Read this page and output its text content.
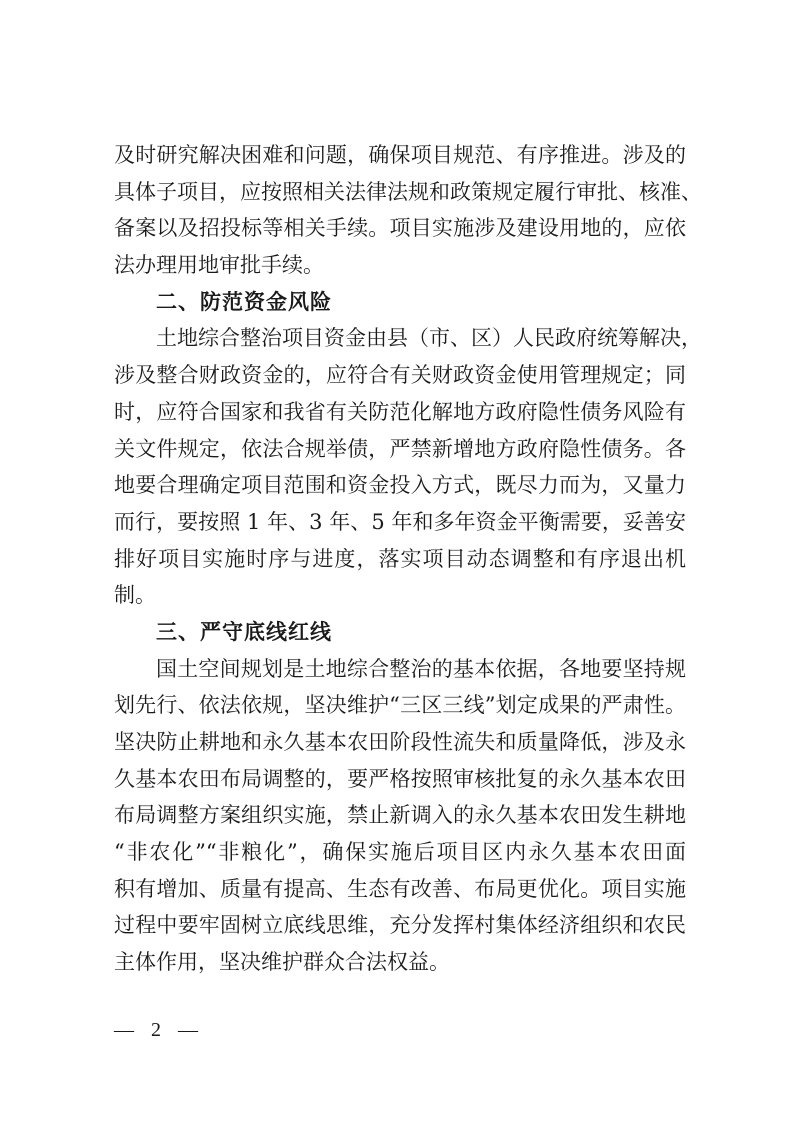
及时研究解决困难和问题，确保项目规范、有序推进。涉及的
具体子项目，应按照相关法律法规和政策规定履行审批、核准、
备案以及招投标等相关手续。项目实施涉及建设用地的，应依
法办理用地审批手续。
二、防范资金风险
土地综合整治项目资金由县（市、区）人民政府统筹解决，
涉及整合财政资金的，应符合有关财政资金使用管理规定；同
时，应符合国家和我省有关防范化解地方政府隐性债务风险有
关文件规定，依法合规举债，严禁新增地方政府隐性债务。各
地要合理确定项目范围和资金投入方式，既尽力而为，又量力
而行，要按照 1 年、3 年、5 年和多年资金平衡需要，妥善安
排好项目实施时序与进度，落实项目动态调整和有序退出机
制。
三、严守底线红线
国土空间规划是土地综合整治的基本依据，各地要坚持规
划先行、依法依规，坚决维护“三区三线”划定成果的严肃性。
坚决防止耕地和永久基本农田阶段性流失和质量降低，涉及永
久基本农田布局调整的，要严格按照审核批复的永久基本农田
布局调整方案组织实施，禁止新调入的永久基本农田发生耕地
“非农化”“非粮化”，确保实施后项目区内永久基本农田面
积有增加、质量有提高、生态有改善、布局更优化。项目实施
过程中要牢固树立底线思维，充分发挥村集体经济组织和农民
主体作用，坚决维护群众合法权益。
— 2 —
